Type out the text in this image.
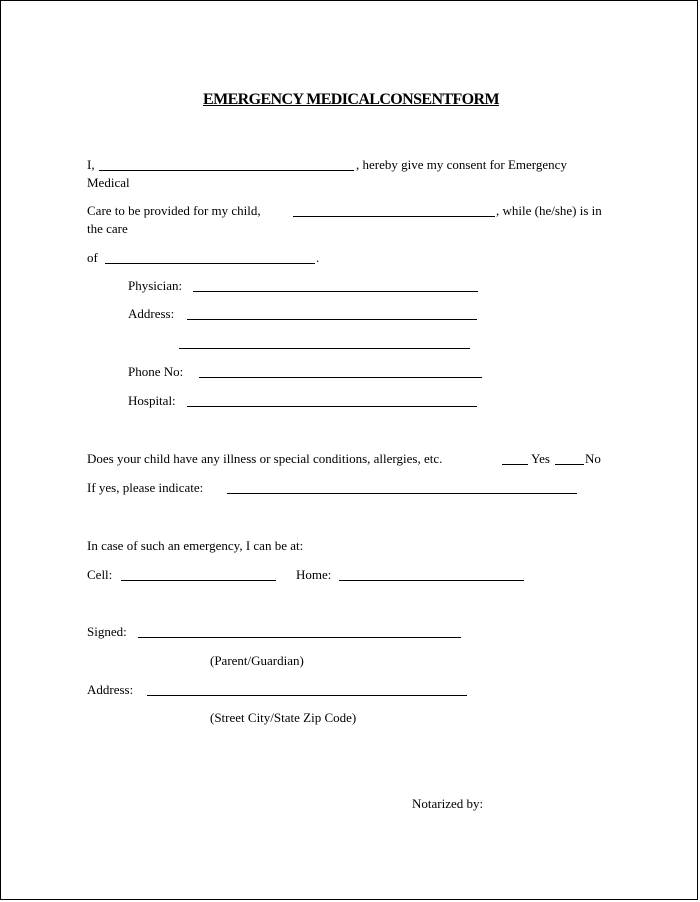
EMERGENCY MEDICALCONSENTFORM
I,	, hereby give my consent for Emergency
Medical
Care to be provided for my child,	, while (he/she) is in
the care
of	.
Physician:
Address:
Phone No:
Hospital:
Does your child have any illness or special conditions, allergies, etc.	Yes	No
If yes, please indicate:
In case of such an emergency, I can be at:
Cell:	Home:
Signed:
(Parent/Guardian)
Address:
(Street City/State Zip Code)
Notarized by:
